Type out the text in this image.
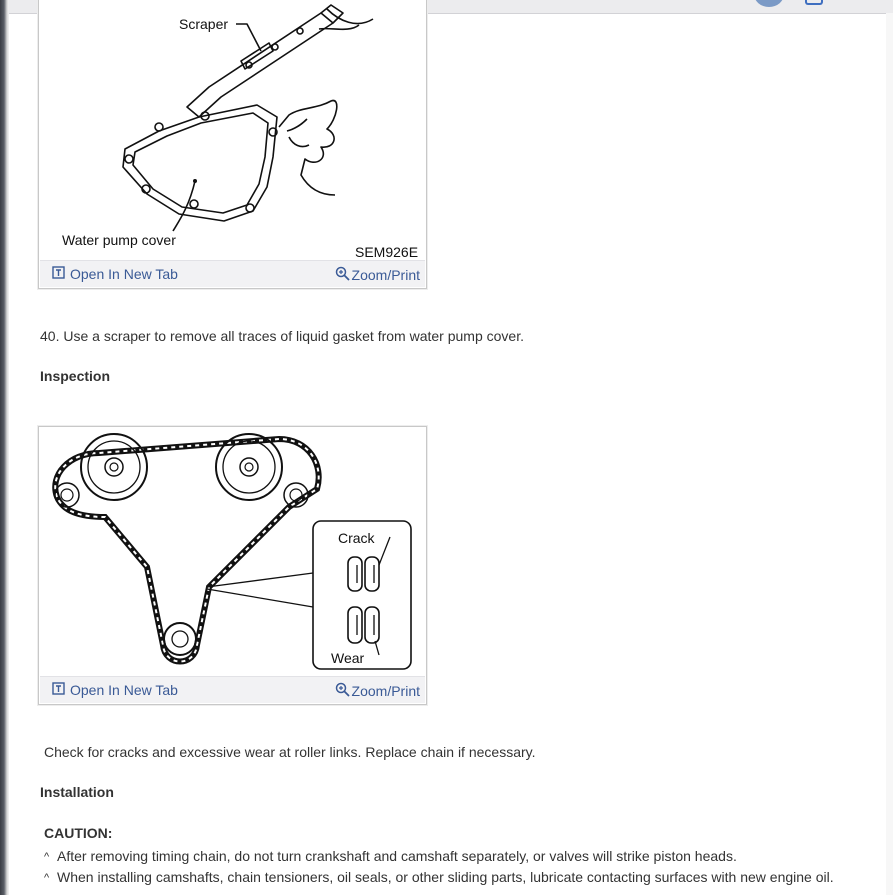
Scraper
Water pump cover
SEM926E
Open In New Tab	Zoom/Print

40. Use a scraper to remove all traces of liquid gasket from water pump cover.

Inspection
Crack
Wear
Open In New Tab	Zoom/Print

Check for cracks and excessive wear at roller links. Replace chain if necessary.

Installation

CAUTION:

^ After removing timing chain, do not turn crankshaft and camshaft separately, or valves will strike piston heads.
^ When installing camshafts, chain tensioners, oil seals, or other sliding parts, lubricate contacting surfaces with new engine oil.
